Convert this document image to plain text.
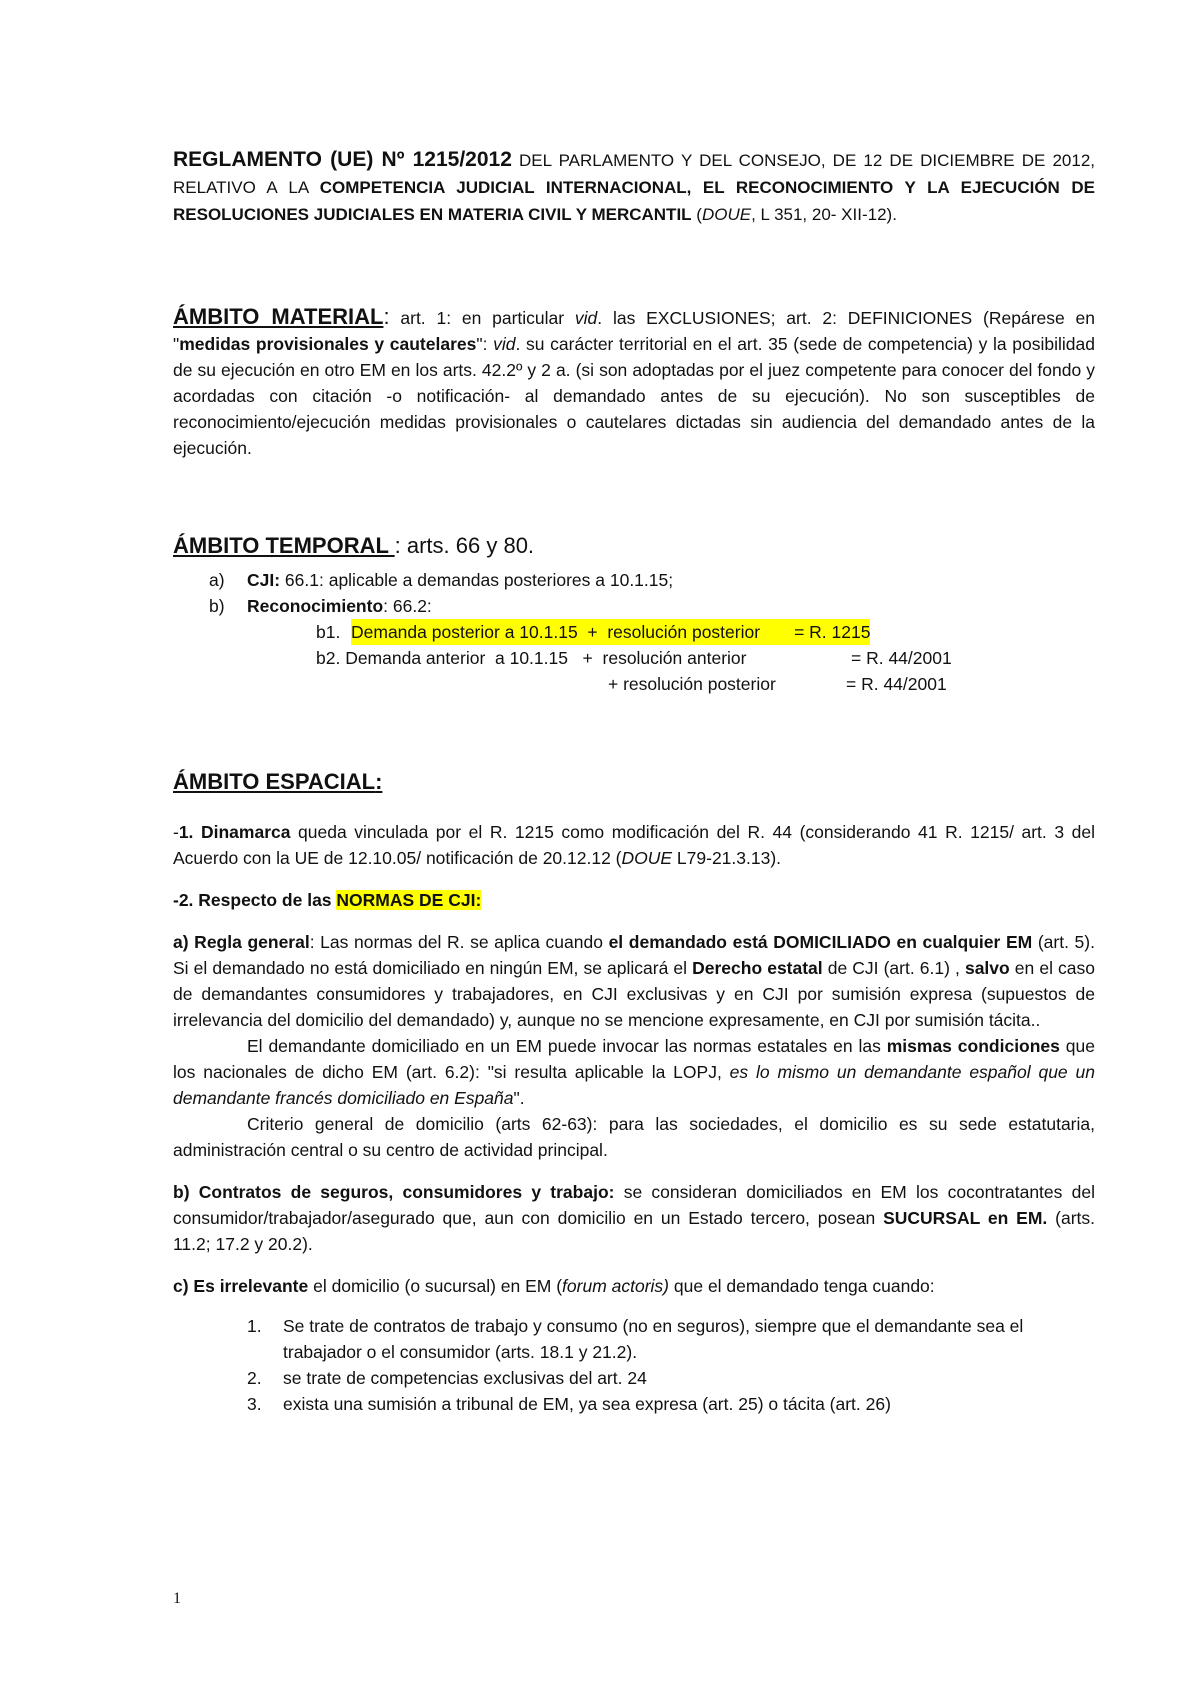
REGLAMENTO (UE) Nº 1215/2012 DEL PARLAMENTO Y DEL CONSEJO, DE 12 DE DICIEMBRE DE 2012, RELATIVO A LA COMPETENCIA JUDICIAL INTERNACIONAL, EL RECONOCIMIENTO Y LA EJECUCIÓN DE RESOLUCIONES JUDICIALES EN MATERIA CIVIL Y MERCANTIL (DOUE, L 351, 20- XII-12).

ÁMBITO MATERIAL: art. 1: en particular vid. las EXCLUSIONES; art. 2: DEFINICIONES (Repárese en "medidas provisionales y cautelares": vid. su carácter territorial en el art. 35 (sede de competencia) y la posibilidad de su ejecución en otro EM en los arts. 42.2º y 2 a. (si son adoptadas por el juez competente para conocer del fondo y acordadas con citación -o notificación- al demandado antes de su ejecución). No son susceptibles de reconocimiento/ejecución medidas provisionales o cautelares dictadas sin audiencia del demandado antes de la ejecución.

ÁMBITO TEMPORAL : arts. 66 y 80.
a) CJI: 66.1: aplicable a demandas posteriores a 10.1.15;
b) Reconocimiento: 66.2:

b1. Demanda posterior a 10.1.15  +  resolución posterior       = R. 1215

b2. Demanda anterior  a 10.1.15   +  resolución anterior	= R. 44/2001

+ resolución posterior	= R. 44/2001

ÁMBITO ESPACIAL:

-1. Dinamarca queda vinculada por el R. 1215 como modificación del R. 44 (considerando 41 R. 1215/ art. 3 del Acuerdo con la UE de 12.10.05/ notificación de 20.12.12 (DOUE L79-21.3.13).

-2. Respecto de las NORMAS DE CJI:

a) Regla general: Las normas del R. se aplica cuando el demandado está DOMICILIADO en cualquier EM (art. 5). Si el demandado no está domiciliado en ningún EM, se aplicará el Derecho estatal de CJI (art. 6.1) , salvo en el caso de demandantes consumidores y trabajadores, en CJI exclusivas y en CJI por sumisión expresa (supuestos de irrelevancia del domicilio del demandado) y, aunque no se mencione expresamente, en CJI por sumisión tácita..

El demandante domiciliado en un EM puede invocar las normas estatales en las mismas condiciones que los nacionales de dicho EM (art. 6.2): "si resulta aplicable la LOPJ, es lo mismo un demandante español que un demandante francés domiciliado en España".

Criterio general de domicilio (arts 62-63): para las sociedades, el domicilio es su sede estatutaria, administración central o su centro de actividad principal.

b) Contratos de seguros, consumidores y trabajo: se consideran domiciliados en EM los cocontratantes del consumidor/trabajador/asegurado que, aun con domicilio en un Estado tercero, posean SUCURSAL en EM. (arts. 11.2; 17.2 y 20.2).

c) Es irrelevante el domicilio (o sucursal) en EM (forum actoris) que el demandado tenga cuando:

1. Se trate de contratos de trabajo y consumo (no en seguros), siempre que el demandante sea el trabajador o el consumidor (arts. 18.1 y 21.2).
2. se trate de competencias exclusivas del art. 24
3. exista una sumisión a tribunal de EM, ya sea expresa (art. 25) o tácita (art. 26)
1
